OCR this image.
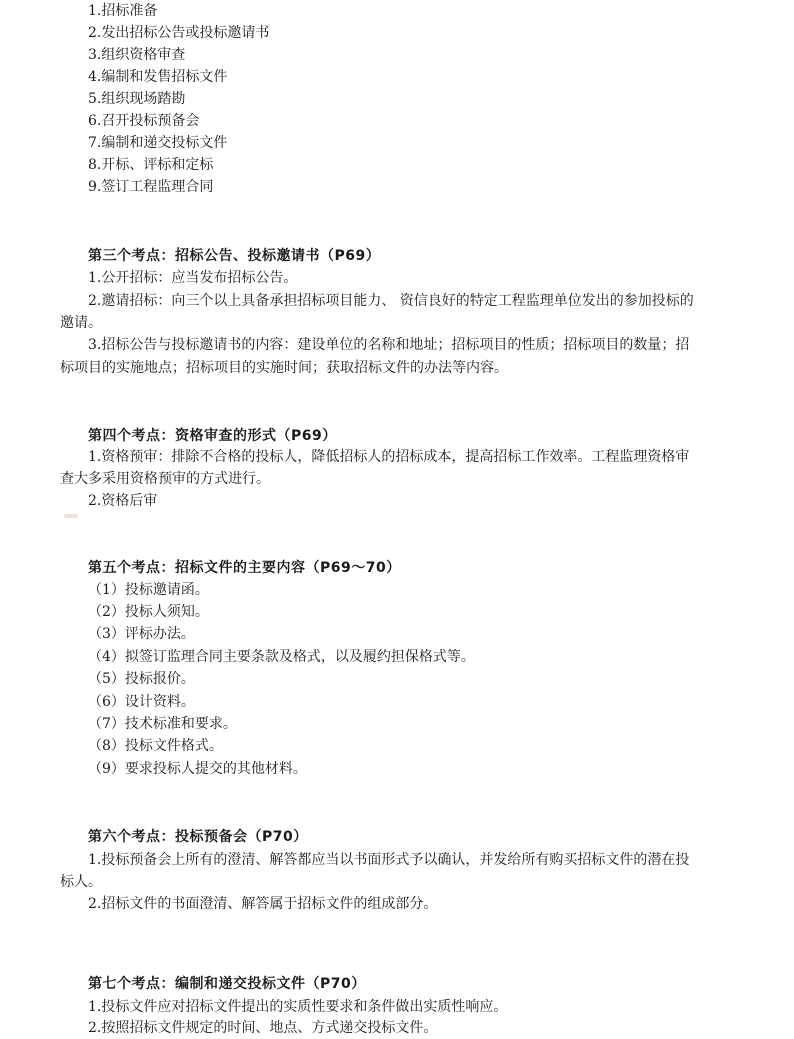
1.招标准备
2.发出招标公告或投标邀请书
3.组织资格审查
4.编制和发售招标文件
5.组织现场踏勘
6.召开投标预备会
7.编制和递交投标文件
8.开标、评标和定标
9.签订工程监理合同
第三个考点：招标公告、投标邀请书（P69）
1.公开招标：应当发布招标公告。
2.邀请招标：向三个以上具备承担招标项目能力、 资信良好的特定工程监理单位发出的参加投标的
邀请。
3.招标公告与投标邀请书的内容：建设单位的名称和地址；招标项目的性质；招标项目的数量；招
标项目的实施地点；招标项目的实施时间；获取招标文件的办法等内容。
第四个考点：资格审查的形式（P69）
1.资格预审：排除不合格的投标人，降低招标人的招标成本，提高招标工作效率。工程监理资格审
查大多采用资格预审的方式进行。
2.资格后审
第五个考点：招标文件的主要内容（P69～70）
（1）投标邀请函。
（2）投标人须知。
（3）评标办法。
（4）拟签订监理合同主要条款及格式，以及履约担保格式等。
（5）投标报价。
（6）设计资料。
（7）技术标准和要求。
（8）投标文件格式。
（9）要求投标人提交的其他材料。
第六个考点：投标预备会（P70）
1.投标预备会上所有的澄清、解答都应当以书面形式予以确认，并发给所有购买招标文件的潜在投
标人。
2.招标文件的书面澄清、解答属于招标文件的组成部分。
第七个考点：编制和递交投标文件（P70）
1.投标文件应对招标文件提出的实质性要求和条件做出实质性响应。
2.按照招标文件规定的时间、地点、方式递交投标文件。
